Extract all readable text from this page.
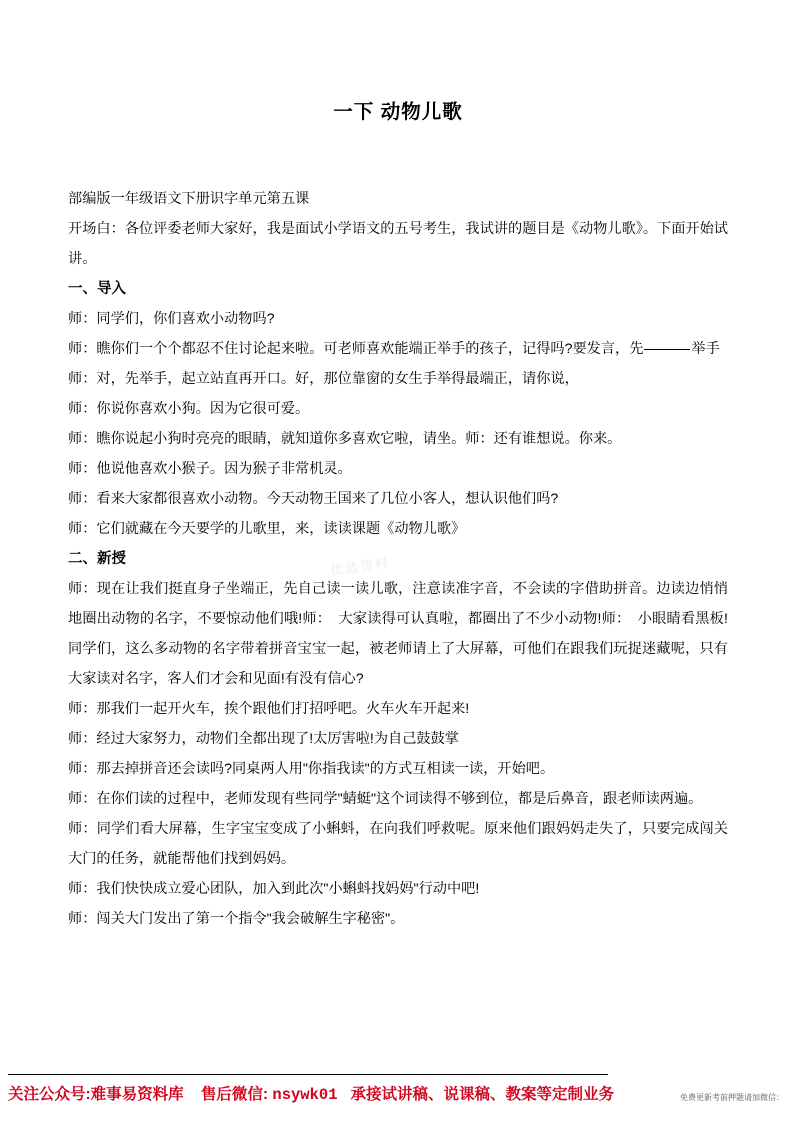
一下 动物儿歌

部编版一年级语文下册识字单元第五课

开场白：各位评委老师大家好，我是面试小学语文的五号考生，我试讲的题目是《动物儿歌》。下面开始试讲。

一、导入

师：同学们，你们喜欢小动物吗?

师：瞧你们一个个都忍不住讨论起来啦。可老师喜欢能端正举手的孩子，记得吗?要发言，先	举手

师：对，先举手，起立站直再开口。好，那位靠窗的女生手举得最端正，请你说，

师：你说你喜欢小狗。因为它很可爱。

师：瞧你说起小狗时亮亮的眼睛，就知道你多喜欢它啦，请坐。师：还有谁想说。你来。

师：他说他喜欢小猴子。因为猴子非常机灵。

师：看来大家都很喜欢小动物。今天动物王国来了几位小客人，想认识他们吗?

师：它们就藏在今天要学的儿歌里，来，读读课题《动物儿歌》

二、新授

师：现在让我们挺直身子坐端正，先自己读一读儿歌，注意读准字音，不会读的字借助拼音。边读边悄悄地圈出动物的名字，不要惊动他们哦!师：　大家读得可认真啦，都圈出了不少小动物!师：　小眼睛看黑板!同学们，这么多动物的名字带着拼音宝宝一起，被老师请上了大屏幕，可他们在跟我们玩捉迷藏呢，只有大家读对名字，客人们才会和见面!有没有信心?

师：那我们一起开火车，挨个跟他们打招呼吧。火车火车开起来!

师：经过大家努力，动物们全都出现了!太厉害啦!为自己鼓鼓掌

师：那去掉拼音还会读吗?同桌两人用"你指我读"的方式互相读一读，开始吧。

师：在你们读的过程中，老师发现有些同学"蜻蜓"这个词读得不够到位，都是后鼻音，跟老师读两遍。

师：同学们看大屏幕，生字宝宝变成了小蝌蚪，在向我们呼救呢。原来他们跟妈妈走失了，只要完成闯关大门的任务，就能帮他们找到妈妈。

师：我们快快成立爱心团队，加入到此次"小蝌蚪找妈妈"行动中吧!

师：闯关大门发出了第一个指令"我会破解生字秘密"。

优选资料
关注公众号:难事易资料库 售后微信: nsywk01 承接试讲稿、说课稿、教案等定制业务	免费更新考前押题请加微信：
